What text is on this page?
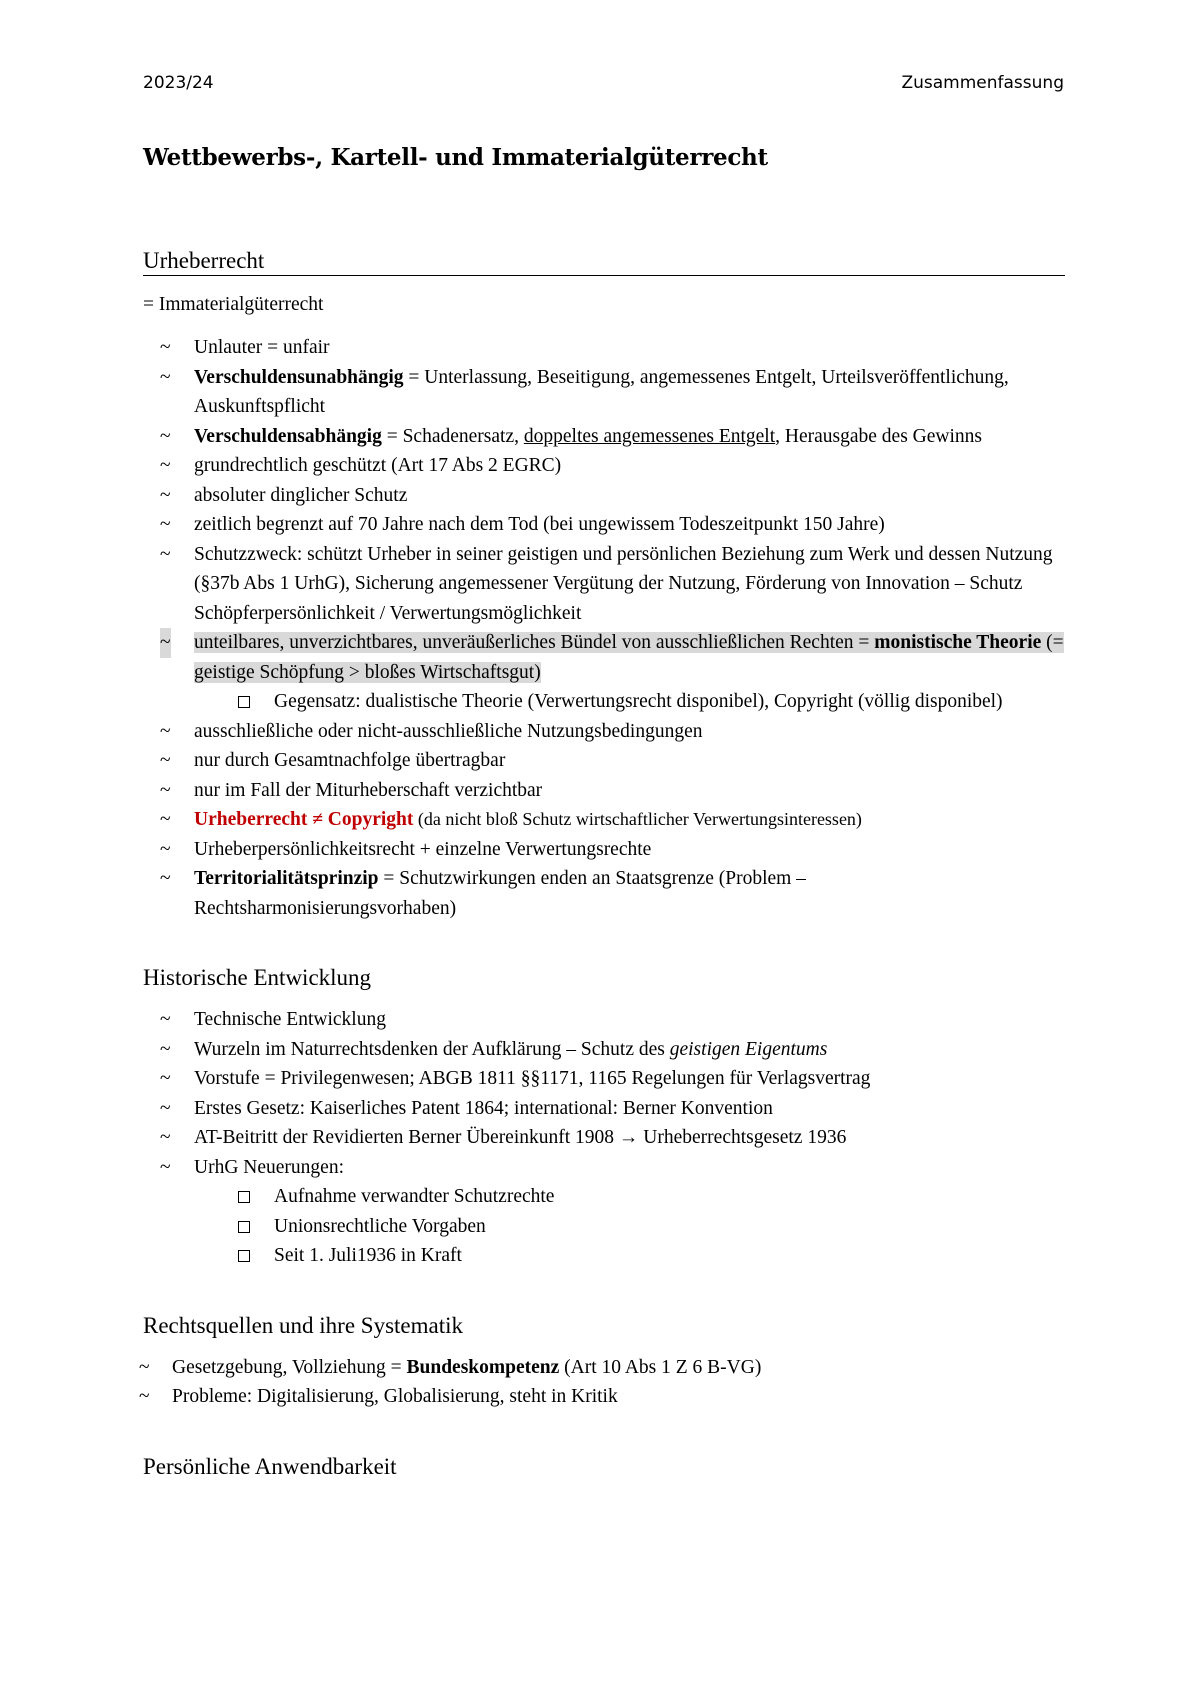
2023/24	Zusammenfassung
Wettbewerbs-, Kartell- und Immaterialgüterrecht
Urheberrecht

= Immaterialgüterrecht

~ Unlauter = unfair
~ Verschuldensunabhängig = Unterlassung, Beseitigung, angemessenes Entgelt, Urteilsveröffentlichung, Auskunftspflicht
~ Verschuldensabhängig = Schadenersatz, doppeltes angemessenes Entgelt, Herausgabe des Gewinns
~ grundrechtlich geschützt (Art 17 Abs 2 EGRC)
~ absoluter dinglicher Schutz
~ zeitlich begrenzt auf 70 Jahre nach dem Tod (bei ungewissem Todeszeitpunkt 150 Jahre)
~ Schutzzweck: schützt Urheber in seiner geistigen und persönlichen Beziehung zum Werk und dessen Nutzung (§37b Abs 1 UrhG), Sicherung angemessener Vergütung der Nutzung, Förderung von Innovation – Schutz Schöpferpersönlichkeit / Verwertungsmöglichkeit
~ unteilbares, unverzichtbares, unveräußerliches Bündel von ausschließlichen Rechten = monistische Theorie (= geistige Schöpfung > bloßes Wirtschaftsgut)
Gegensatz: dualistische Theorie (Verwertungsrecht disponibel), Copyright (völlig disponibel)
~ ausschließliche oder nicht-ausschließliche Nutzungsbedingungen
~ nur durch Gesamtnachfolge übertragbar
~ nur im Fall der Miturheberschaft verzichtbar
~ Urheberrecht ≠ Copyright (da nicht bloß Schutz wirtschaftlicher Verwertungsinteressen)
~ Urheberpersönlichkeitsrecht + einzelne Verwertungsrechte
~ Territorialitätsprinzip = Schutzwirkungen enden an Staatsgrenze (Problem – Rechtsharmonisierungsvorhaben)
Historische Entwicklung
~ Technische Entwicklung
~ Wurzeln im Naturrechtsdenken der Aufklärung – Schutz des geistigen Eigentums
~ Vorstufe = Privilegenwesen; ABGB 1811 §§1171, 1165 Regelungen für Verlagsvertrag
~ Erstes Gesetz: Kaiserliches Patent 1864; international: Berner Konvention
~ AT-Beitritt der Revidierten Berner Übereinkunft 1908 → Urheberrechtsgesetz 1936
~ UrhG Neuerungen:
Aufnahme verwandter Schutzrechte
Unionsrechtliche Vorgaben
Seit 1. Juli1936 in Kraft
Rechtsquellen und ihre Systematik
~ Gesetzgebung, Vollziehung = Bundeskompetenz (Art 10 Abs 1 Z 6 B-VG)
~ Probleme: Digitalisierung, Globalisierung, steht in Kritik
Persönliche Anwendbarkeit
